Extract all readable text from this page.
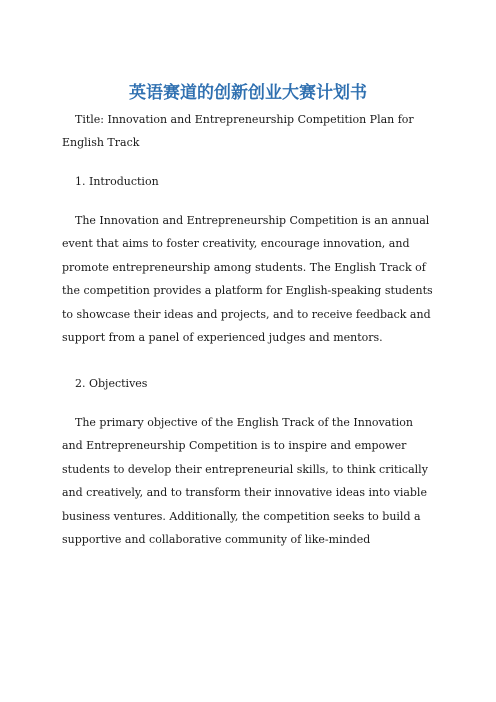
英语赛道的创新创业大赛计划书

Title: Innovation and Entrepreneurship Competition Plan for English Track

1. Introduction

The Innovation and Entrepreneurship Competition is an annual event that aims to foster creativity, encourage innovation, and promote entrepreneurship among students. The English Track of the competition provides a platform for English-speaking students to showcase their ideas and projects, and to receive feedback and support from a panel of experienced judges and mentors.

2. Objectives

The primary objective of the English Track of the Innovation and Entrepreneurship Competition is to inspire and empower students to develop their entrepreneurial skills, to think critically and creatively, and to transform their innovative ideas into viable business ventures. Additionally, the competition seeks to build a supportive and collaborative community of like-minded
